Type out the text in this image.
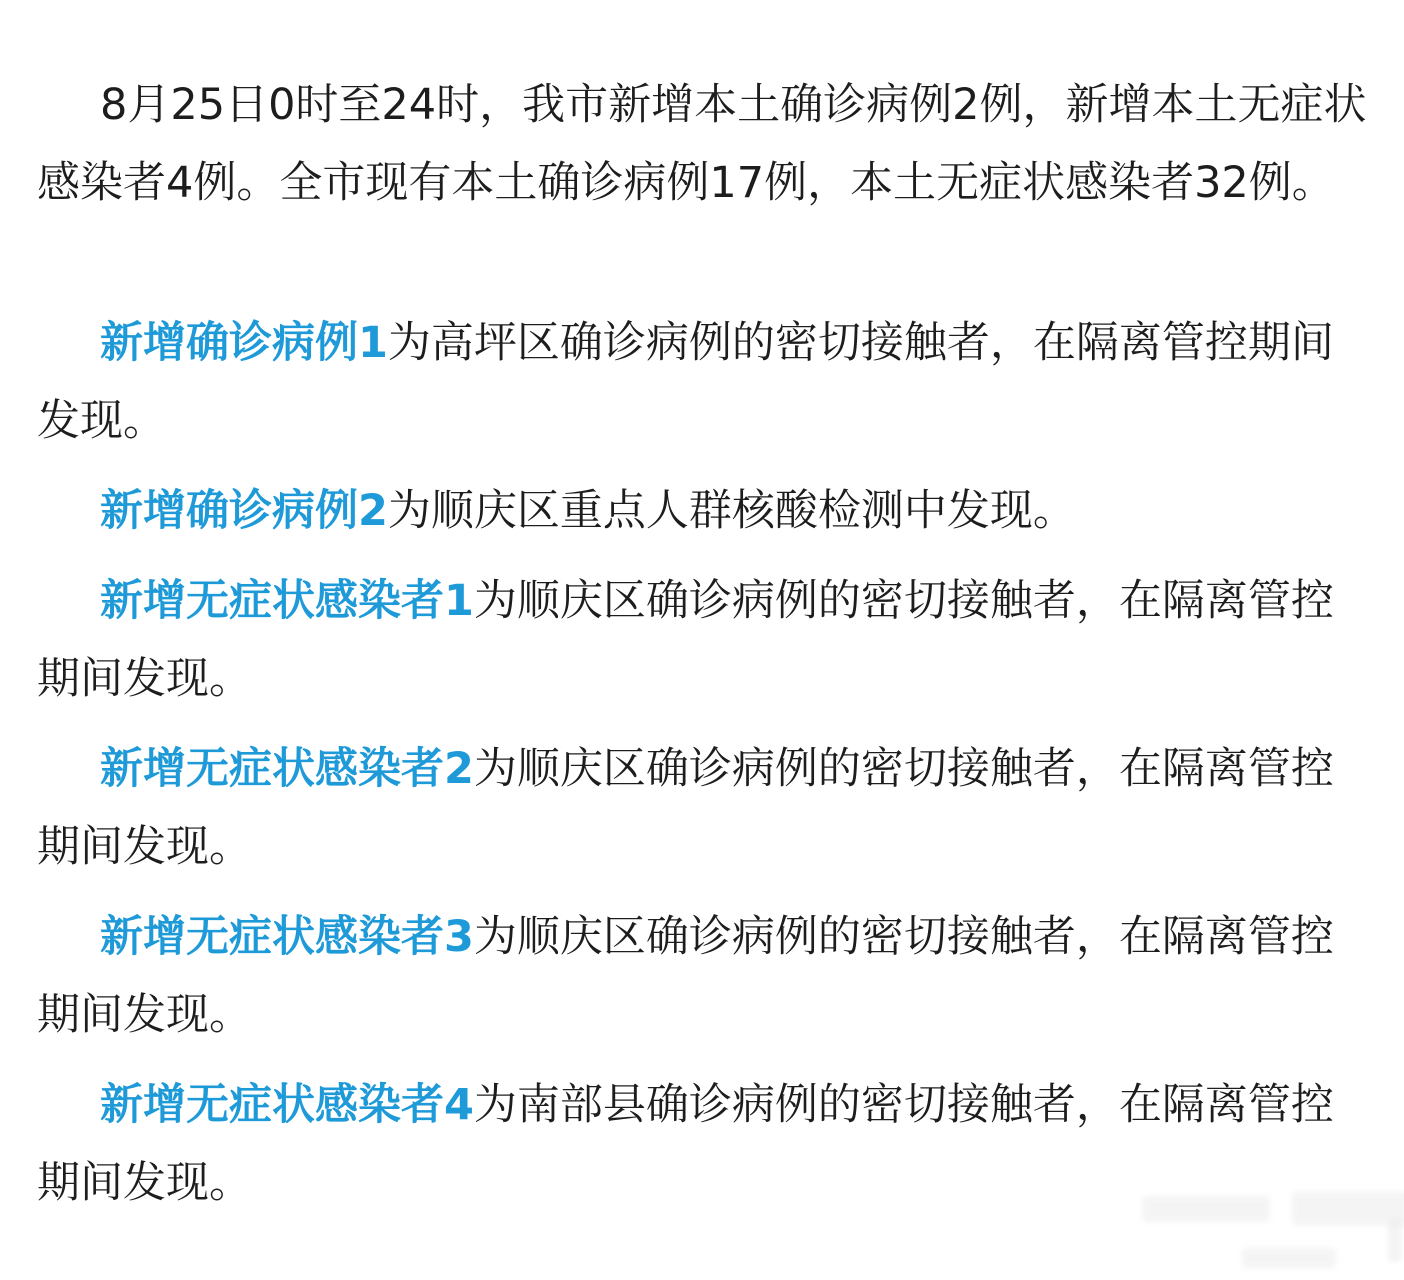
8月25日0时至24时，我市新增本土确诊病例2例，新增本土无症状
感染者4例。全市现有本土确诊病例17例，本土无症状感染者32例。

新增确诊病例1为高坪区确诊病例的密切接触者，在隔离管控期间
发现。

新增确诊病例2为顺庆区重点人群核酸检测中发现。

新增无症状感染者1为顺庆区确诊病例的密切接触者，在隔离管控
期间发现。

新增无症状感染者2为顺庆区确诊病例的密切接触者，在隔离管控
期间发现。

新增无症状感染者3为顺庆区确诊病例的密切接触者，在隔离管控
期间发现。

新增无症状感染者4为南部县确诊病例的密切接触者，在隔离管控
期间发现。
